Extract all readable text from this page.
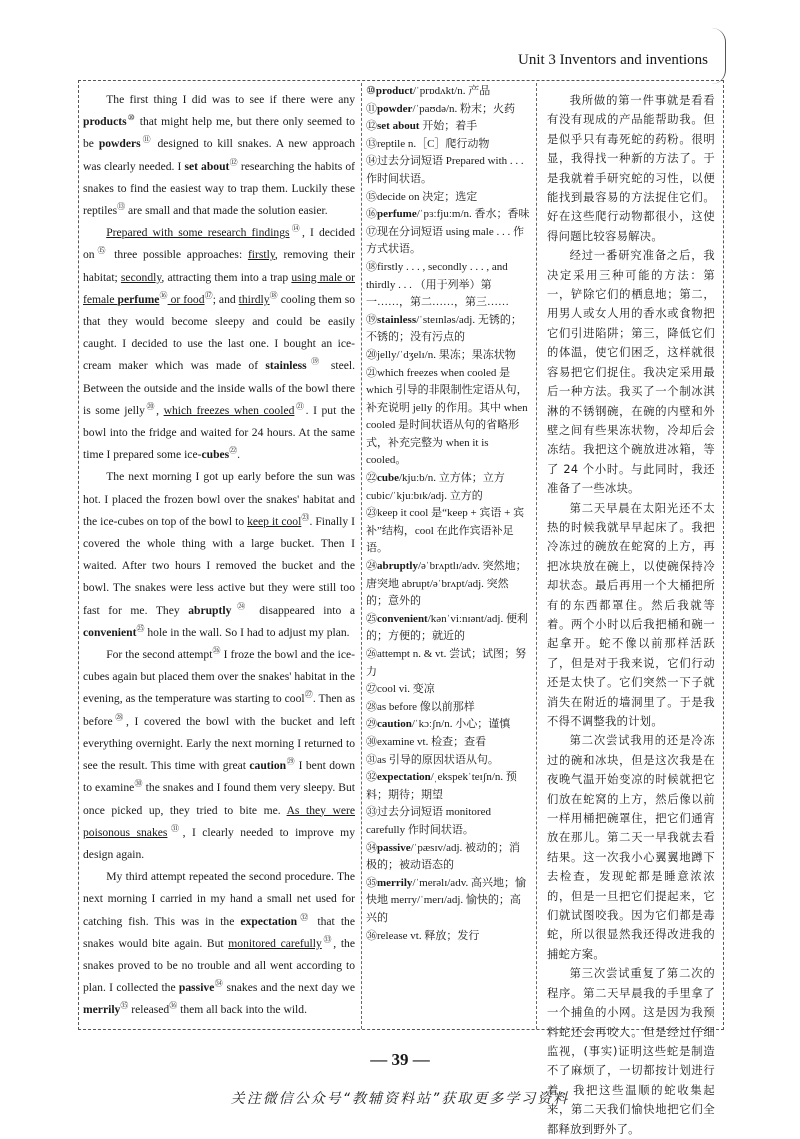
Unit 3 Inventors and inventions

The first thing I did was to see if there were any products⑩ that might help me, but there only seemed to be powders⑪ designed to kill snakes. A new approach was clearly needed. I set about⑫ researching the habits of snakes to find the easiest way to trap them. Luckily these reptiles⑬ are small and that made the solution easier.

Prepared with some research findings⑭, I decided on⑮ three possible approaches: firstly, removing their habitat; secondly, attracting them into a trap using male or female perfume⑯ or food⑰; and thirdly⑱ cooling them so that they would become sleepy and could be easily caught. I decided to use the last one. I bought an ice-cream maker which was made of stainless⑲ steel. Between the outside and the inside walls of the bowl there is some jelly⑳, which freezes when cooled$^㉑$. I put the bowl into the fridge and waited for 24 hours. At the same time I prepared some ice-cubes$^㉒$.

The next morning I got up early before the sun was hot. I placed the frozen bowl over the snakes' habitat and the ice-cubes on top of the bowl to keep it cool$^㉓$. Finally I covered the whole thing with a large bucket. Then I waited. After two hours I removed the bucket and the bowl. The snakes were less active but they were still too fast for me. They abruptly$^㉔$ disappeared into a convenient$^㉕$ hole in the wall. So I had to adjust my plan.

For the second attempt$^㉖$ I froze the bowl and the ice-cubes again but placed them over the snakes' habitat in the evening, as the temperature was starting to cool$^㉗$. Then as before$^㉘$, I covered the bowl with the bucket and left everything overnight. Early the next morning I returned to see the result. This time with great caution$^㉙$ I bent down to examine$^㉚$ the snakes and I found them very sleepy. But once picked up, they tried to bite me. As they were poisonous snakes$^㉛$, I clearly needed to improve my design again.

My third attempt repeated the second procedure. The next morning I carried in my hand a small net used for catching fish. This was in the expectation$^㉜$ that the snakes would bite again. But monitored carefully$^㉝$, the snakes proved to be no trouble and all went according to plan. I collected the passive$^㉞$ snakes and the next day we merrily$^㉟$ released$^㊱$ them all back into the wild.

⑩product/ˈprɒdʌkt/n. 产品
⑪powder/ˈpaʊdə/n. 粉末；火药
⑫set about 开始；着手
⑬reptile n.［C］爬行动物
⑭过去分词短语 Prepared with . . . 作时间状语。
⑮decide on 决定；选定
⑯perfume/ˈpɜːfjuːm/n. 香水；香味
⑰现在分词短语 using male . . . 作方式状语。
⑱firstly . . . , secondly . . . , and thirdly . . . （用于列举）第一……，第二……，第三……
⑲stainless/ˈsteɪnləs/adj. 无锈的；不锈的；没有污点的
⑳jelly/ˈdʒelɪ/n. 果冻；果冻状物
㉑which freezes when cooled 是 which 引导的非限制性定语从句，补充说明 jelly 的作用。其中 when cooled 是时间状语从句的省略形式，补充完整为 when it is cooled。
㉒cube/kjuːb/n. 立方体；立方 cubic/ˈkjuːbɪk/adj. 立方的
㉓keep it cool 是“keep + 宾语 + 宾补”结构，cool 在此作宾语补足语。
㉔abruptly/əˈbrʌptlɪ/adv. 突然地；唐突地 abrupt/əˈbrʌpt/adj. 突然的；意外的
㉕convenient/kənˈviːnɪənt/adj. 便利的；方便的；就近的
㉖attempt n. & vt. 尝试；试图；努力
㉗cool vi. 变凉
㉘as before 像以前那样
㉙caution/ˈkɔːʃn/n. 小心；谨慎
㉚examine vt. 检查；查看
㉛as 引导的原因状语从句。
㉜expectation/ˌekspekˈteɪʃn/n. 预料；期待；期望
㉝过去分词短语 monitored carefully 作时间状语。
㉞passive/ˈpæsɪv/adj. 被动的；消极的；被动语态的
㉟merrily/ˈmerəlɪ/adv. 高兴地；愉快地 merry/ˈmerɪ/adj. 愉快的；高兴的
㊱release vt. 释放；发行

我所做的第一件事就是看看有没有现成的产品能帮助我。但是似乎只有毒死蛇的药粉。很明显，我得找一种新的方法了。于是我就着手研究蛇的习性，以便能找到最容易的方法捉住它们。好在这些爬行动物都很小，这使得问题比较容易解决。

经过一番研究准备之后，我决定采用三种可能的方法：第一，铲除它们的栖息地；第二，用男人或女人用的香水或食物把它们引进陷阱；第三，降低它们的体温，使它们困乏，这样就很容易把它们捉住。我决定采用最后一种方法。我买了一个制冰淇淋的不锈钢碗，在碗的内壁和外壁之间有些果冻状物，冷却后会冻结。我把这个碗放进冰箱，等了 24 个小时。与此同时，我还准备了一些冰块。

第二天早晨在太阳光还不太热的时候我就早早起床了。我把冷冻过的碗放在蛇窝的上方，再把冰块放在碗上，以使碗保持冷却状态。最后再用一个大桶把所有的东西都罩住。然后我就等着。两个小时以后我把桶和碗一起拿开。蛇不像以前那样活跃了，但是对于我来说，它们行动还是太快了。它们突然一下子就消失在附近的墙洞里了。于是我不得不调整我的计划。

第二次尝试我用的还是冷冻过的碗和冰块，但是这次我是在夜晚气温开始变凉的时候就把它们放在蛇窝的上方，然后像以前一样用桶把碗罩住，把它们通宵放在那儿。第二天一早我就去看结果。这一次我小心翼翼地蹲下去检查，发现蛇都是睡意浓浓的，但是一旦把它们提起来，它们就试图咬我。因为它们都是毒蛇，所以很显然我还得改进我的捕蛇方案。

第三次尝试重复了第二次的程序。第二天早晨我的手里拿了一个捕鱼的小网。这是因为我预料蛇还会再咬人。但是经过仔细监视，(事实)证明这些蛇是制造不了麻烦了，一切都按计划进行着。我把这些温顺的蛇收集起来，第二天我们愉快地把它们全都释放到野外了。

— 39 —
关注微信公众号“教辅资料站”获取更多学习资料
